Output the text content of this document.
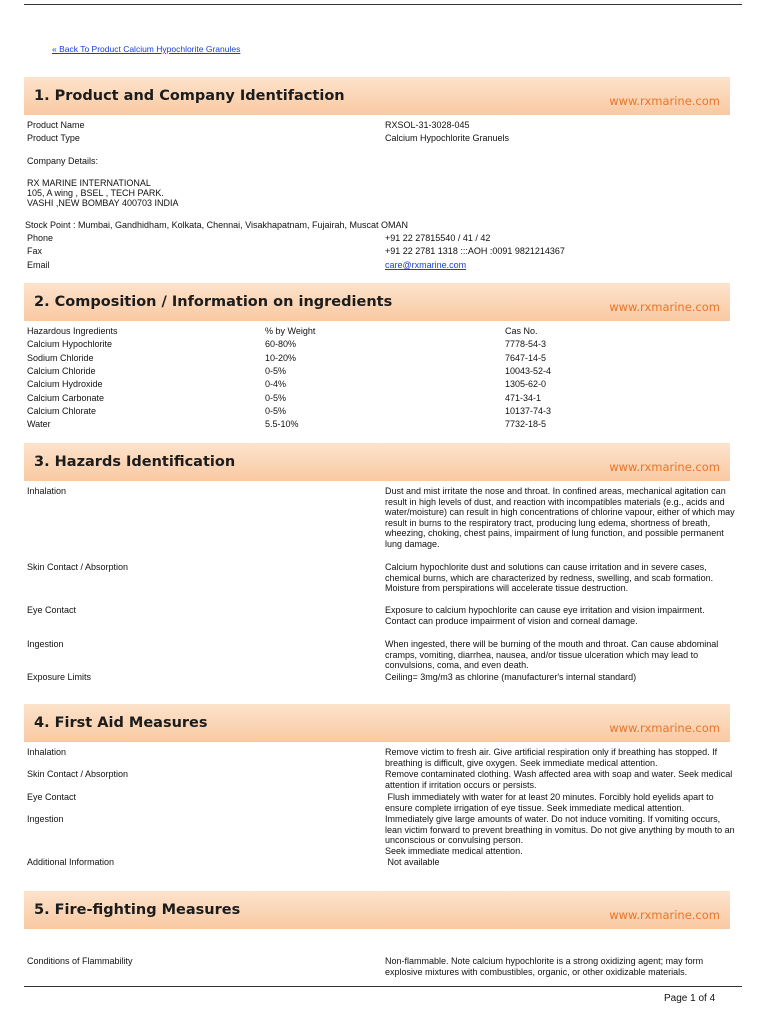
« Back To Product Calcium Hypochlorite Granules
1. Product and Company Identifaction	www.rxmarine.com
Product Name	RXSOL-31-3028-045
Product Type	Calcium Hypochlorite Granuels
Company Details:
RX MARINE INTERNATIONAL
105, A wing , BSEL , TECH PARK.
VASHI ,NEW BOMBAY 400703 INDIA
Stock Point : Mumbai, Gandhidham, Kolkata, Chennai, Visakhapatnam, Fujairah, Muscat OMAN
Phone	+91 22 27815540 / 41 / 42
Fax	+91 22 2781 1318 :::AOH :0091 9821214367
Email	care@rxmarine.com
2. Composition / Information on ingredients	www.rxmarine.com
Hazardous Ingredients	% by Weight	Cas No.
Calcium Hypochlorite	60-80%	7778-54-3
Sodium Chloride	10-20%	7647-14-5
Calcium Chloride	0-5%	10043-52-4
Calcium Hydroxide	0-4%	1305-62-0
Calcium Carbonate	0-5%	471-34-1
Calcium Chlorate	0-5%	10137-74-3
Water	5.5-10%	7732-18-5
3. Hazards Identification	www.rxmarine.com
Inhalation	Dust and mist irritate the nose and throat. In confined areas, mechanical agitation can result in high levels of dust, and reaction with incompatibles materials (e.g., acids and water/moisture) can result in high concentrations of chlorine vapour, either of which may result in burns to the respiratory tract, producing lung edema, shortness of breath, wheezing, choking, chest pains, impairment of lung function, and possible permanent lung damage.
Skin Contact / Absorption	Calcium hypochlorite dust and solutions can cause irritation and in severe cases, chemical burns, which are characterized by redness, swelling, and scab formation. Moisture from perspirations will accelerate tissue destruction.
Eye Contact	Exposure to calcium hypochlorite can cause eye irritation and vision impairment. Contact can produce impairment of vision and corneal damage.
Ingestion	When ingested, there will be burning of the mouth and throat. Can cause abdominal cramps, vomiting, diarrhea, nausea, and/or tissue ulceration which may lead to convulsions, coma, and even death.
Exposure Limits	Ceiling= 3mg/m3 as chlorine (manufacturer's internal standard)
4. First Aid Measures	www.rxmarine.com
Inhalation	Remove victim to fresh air. Give artificial respiration only if breathing has stopped. If breathing is difficult, give oxygen. Seek immediate medical attention.
Skin Contact / Absorption	Remove contaminated clothing. Wash affected area with soap and water. Seek medical attention if irritation occurs or persists.
Eye Contact	Flush immediately with water for at least 20 minutes. Forcibly hold eyelids apart to ensure complete irrigation of eye tissue. Seek immediate medical attention.
Ingestion	Immediately give large amounts of water. Do not induce vomiting. If vomiting occurs, lean victim forward to prevent breathing in vomitus. Do not give anything by mouth to an unconscious or convulsing person.
Seek immediate medical attention.
Additional Information	Not available
5. Fire-fighting Measures	www.rxmarine.com
Conditions of Flammability	Non-flammable. Note calcium hypochlorite is a strong oxidizing agent; may form explosive mixtures with combustibles, organic, or other oxidizable materials.
Page 1 of 4
